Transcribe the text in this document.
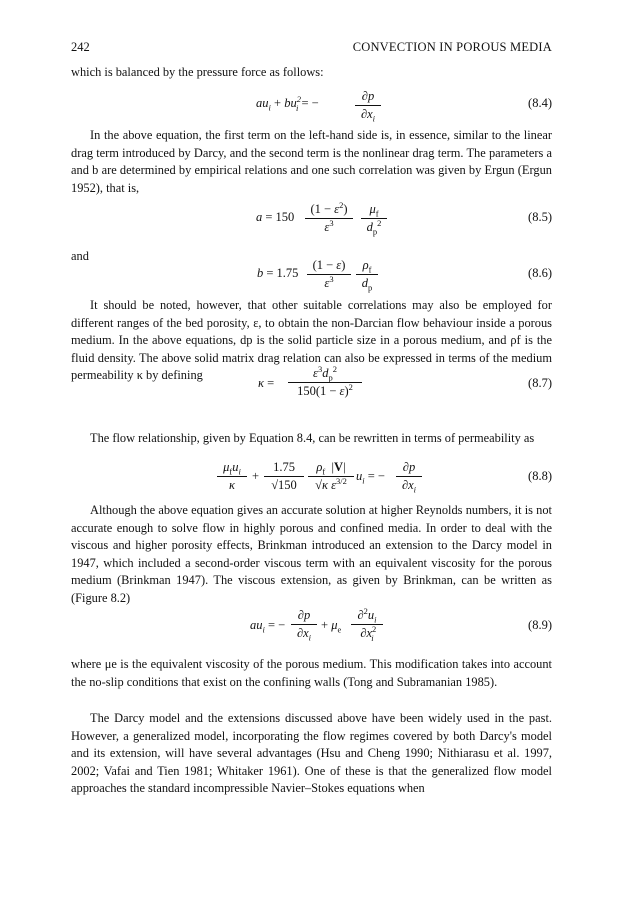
242	CONVECTION IN POROUS MEDIA
which is balanced by the pressure force as follows:
$au_i + bu^2_i$ = −	$\frac{\partial p}{\partial x_i}$	(8.4)
In the above equation, the first term on the left-hand side is, in essence, similar to the linear drag term introduced by Darcy, and the second term is the nonlinear drag term. The parameters a and b are determined by empirical relations and one such correlation was given by Ergun (Ergun 1952), that is,
$a = 150 \frac{(1 - \varepsilon^2)}{\varepsilon^3} \frac{\mu_f}{d_p^2}$	(8.5)
and
$b = 1.75 \frac{(1 - \varepsilon)}{\varepsilon^3} \frac{\rho_f}{d_p}$	(8.6)
It should be noted, however, that other suitable correlations may also be employed for different ranges of the bed porosity, ε, to obtain the non-Darcian flow behaviour inside a porous medium. In the above equations, dp is the solid particle size in a porous medium, and ρf is the fluid density. The above solid matrix drag relation can also be expressed in terms of the medium permeability κ by defining
$\kappa = \frac{\varepsilon^3d_p^2}{150(1 - \varepsilon)^2}$	(8.7)
The flow relationship, given by Equation 8.4, can be rewritten in terms of permeability as
$\mu_fu_i$
κ
+ $\frac{1.75}{√150} \frac{\rho_f |V|}{√\kappa \varepsilon^{3/2}} u_i$ = − $\frac{\partial p}{\partial x_i}$	(8.8)
Although the above equation gives an accurate solution at higher Reynolds numbers, it is not accurate enough to solve flow in highly porous and confined media. In order to deal with the viscous and higher porosity effects, Brinkman introduced an extension to the Darcy model in 1947, which included a second-order viscous term with an equivalent viscosity for the porous medium (Brinkman 1947). The viscous extension, as given by Brinkman, can be written as (Figure 8.2)
$au_i$ = − $\frac{\partial p}{\partial x_i} + \mu_e \frac{\partial^2u_i}{\partial x^2_i}$	(8.9)
where μe is the equivalent viscosity of the porous medium. This modification takes into account the no-slip conditions that exist on the confining walls (Tong and Subramanian 1985).
The Darcy model and the extensions discussed above have been widely used in the past. However, a generalized model, incorporating the flow regimes covered by both Darcy's model and its extension, will have several advantages (Hsu and Cheng 1990; Nithiarasu et al. 1997, 2002; Vafai and Tien 1981; Whitaker 1961). One of these is that the generalized flow model approaches the standard incompressible Navier–Stokes equations when
